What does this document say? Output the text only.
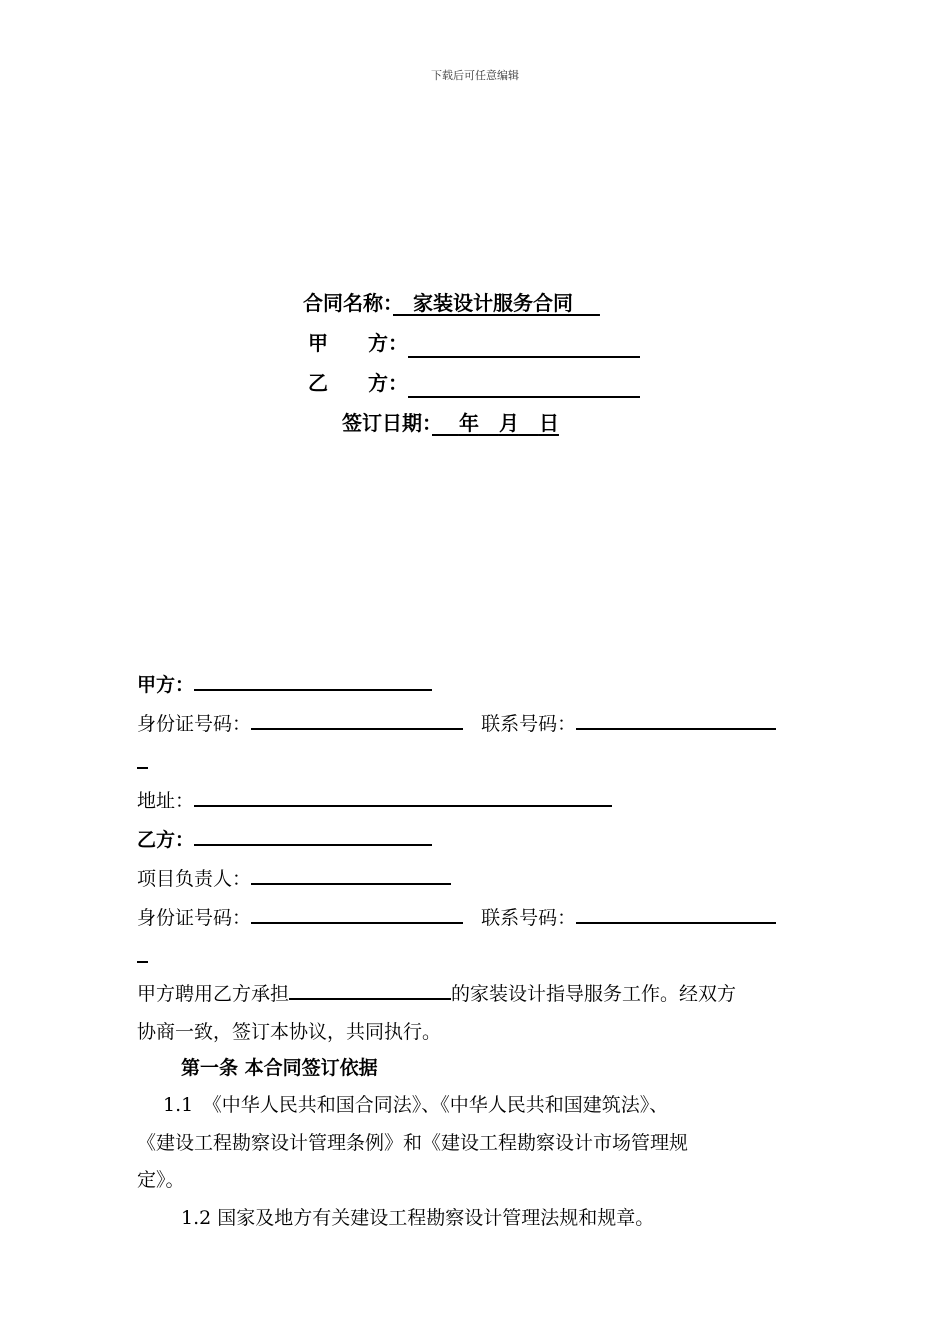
下载后可任意编辑
合同名称：　 家装设计服务合同　
甲　　方：
乙　　方：
签订日期：　 年　 月　 日
甲方：
身份证号码：	联系号码：
地址：
乙方：
项目负责人：
身份证号码：	联系号码：
甲方聘用乙方承担	的家装设计指导服务工作。经双方
协商一致，签订本协议，共同执行。
第一条 本合同签订依据
1.1　《中华人民共和国合同法》、《中华人民共和国建筑法》、
《建设工程勘察设计管理条例》和《建设工程勘察设计市场管理规
定》。
1.2 国家及地方有关建设工程勘察设计管理法规和规章。
